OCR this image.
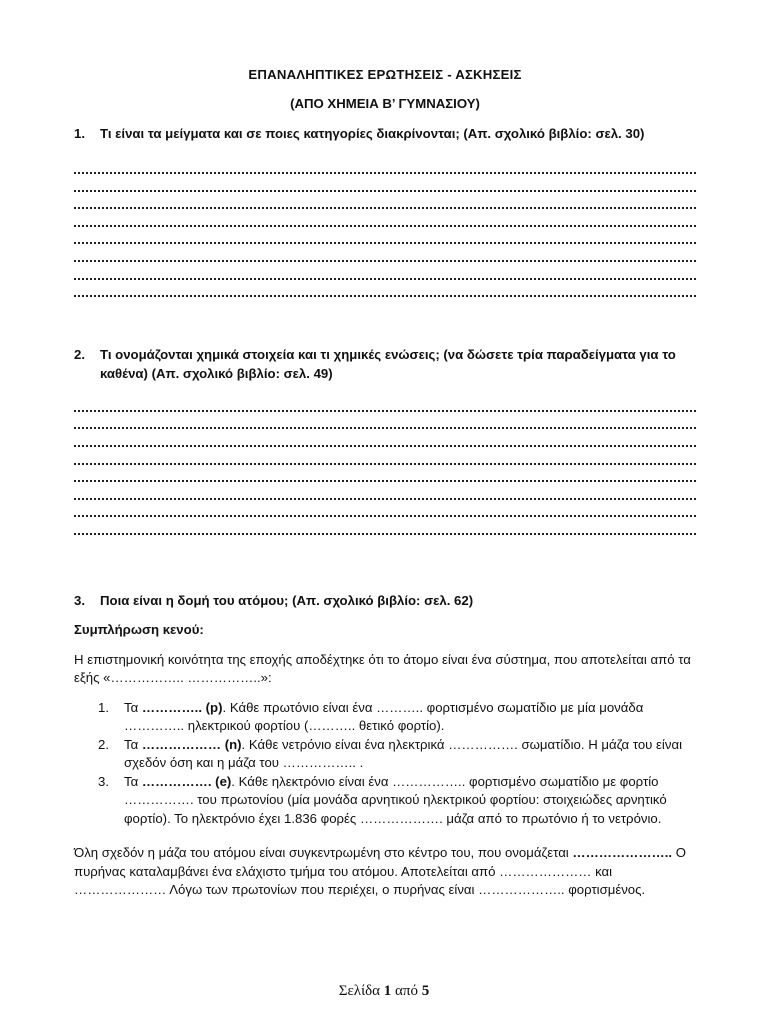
ΕΠΑΝΑΛΗΠΤΙΚΕΣ ΕΡΩΤΗΣΕΙΣ - ΑΣΚΗΣΕΙΣ

(ΑΠΟ ΧΗΜΕΙΑ Β’ ΓΥΜΝΑΣΙΟΥ)

1.	Τι είναι τα μείγματα και σε ποιες κατηγορίες διακρίνονται; (Απ. σχολικό βιβλίο: σελ. 30)
2.	Τι ονομάζονται χημικά στοιχεία και τι χημικές ενώσεις; (να δώσετε τρία παραδείγματα για το καθένα) (Απ. σχολικό βιβλίο: σελ. 49)
3.	Ποια είναι η δομή του ατόμου; (Απ. σχολικό βιβλίο: σελ. 62)

Συμπλήρωση κενού:

Η επιστημονική κοινότητα της εποχής αποδέχτηκε ότι το άτομο είναι ένα σύστημα, που αποτελείται από τα εξής «…………….. ……………..»:

1.	Τα ………….. (p). Κάθε πρωτόνιο είναι ένα ……….. φορτισμένο σωματίδιο με μία μονάδα ………….. ηλεκτρικού φορτίου (……….. θετικό φορτίο).
2.	Τα ……………… (n). Κάθε νετρόνιο είναι ένα ηλεκτρικά ……………. σωματίδιο. Η μάζα του είναι σχεδόν όση και η μάζα του …………….. .
3.	Τα ……………. (e). Κάθε ηλεκτρόνιο είναι ένα …………….. φορτισμένο σωματίδιο με φορτίο ……………. του πρωτονίου (μία μονάδα αρνητικού ηλεκτρικού φορτίου: στοιχειώδες αρνητικό φορτίο). Το ηλεκτρόνιο έχει 1.836 φορές ………………. μάζα από το πρωτόνιο ή το νετρόνιο.

Όλη σχεδόν η μάζα του ατόμου είναι συγκεντρωμένη στο κέντρο του, που ονομάζεται ………………….. Ο πυρήνας καταλαμβάνει ένα ελάχιστο τμήμα του ατόμου. Αποτελείται από ………………… και ………………… Λόγω των πρωτονίων που περιέχει, ο πυρήνας είναι ……………….. φορτισμένος.

Σελίδα 1 από 5
